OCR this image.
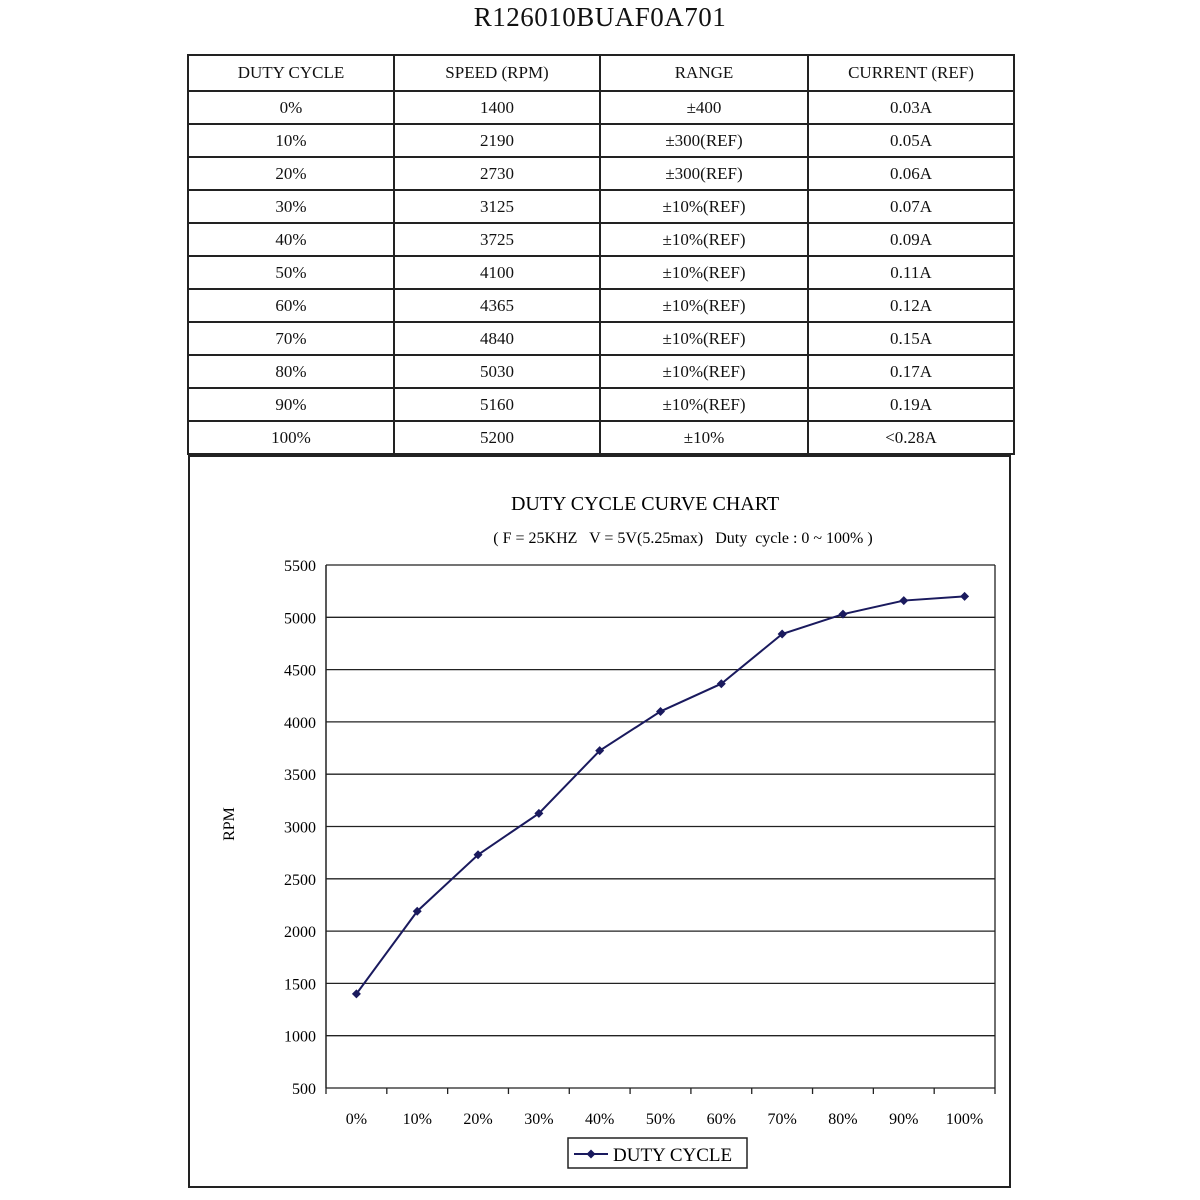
R126010BUAF0A701
DUTY CYCLE	SPEED (RPM)	RANGE	CURRENT (REF)
0%	1400	±400	0.03A
10%	2190	±300(REF)	0.05A
20%	2730	±300(REF)	0.06A
30%	3125	±10%(REF)	0.07A
40%	3725	±10%(REF)	0.09A
50%	4100	±10%(REF)	0.11A
60%	4365	±10%(REF)	0.12A
70%	4840	±10%(REF)	0.15A
80%	5030	±10%(REF)	0.17A
90%	5160	±10%(REF)	0.19A
100%	5200	±10%	<0.28A
DUTY CYCLE CURVE CHART
( F = 25KHZ   V = 5V(5.25max)   Duty  cycle : 0 ~ 100% )
500
1000
1500
2000
2500
3000
3500
4000
4500
5000
5500
0% 10% 20% 30% 40% 50% 60% 70% 80% 90% 100%
RPM
DUTY CYCLE
